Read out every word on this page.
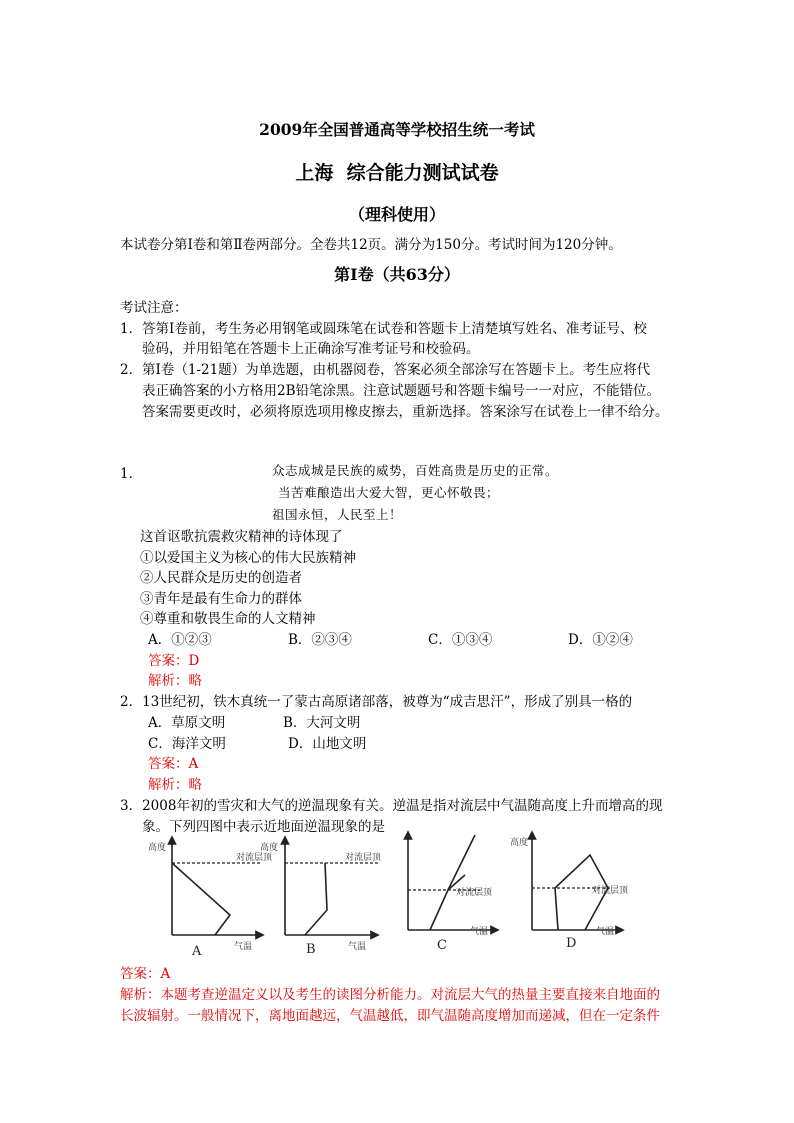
2009年全国普通高等学校招生统一考试
上海  综合能力测试试卷
（理科使用）
本试卷分第Ⅰ卷和第Ⅱ卷两部分。全卷共12页。满分为150分。考试时间为120分钟。
第Ⅰ卷（共63分）
考试注意：
1． 答第Ⅰ卷前，考生务必用钢笔或圆珠笔在试卷和答题卡上清楚填写姓名、准考证号、校
验码，并用铅笔在答题卡上正确涂写准考证号和校验码。
2． 第Ⅰ卷（1-21题）为单选题，由机器阅卷，答案必须全部涂写在答题卡上。考生应将代
表正确答案的小方格用2B铅笔涂黑。注意试题题号和答题卡编号一一对应，不能错位。
答案需要更改时，必须将原选项用橡皮擦去，重新选择。答案涂写在试卷上一律不给分。
1．	众志成城是民族的威势，百姓高贵是历史的正常。
当苦难酿造出大爱大智，更心怀敬畏；
祖国永恒，人民至上！
这首讴歌抗震救灾精神的诗体现了
①以爱国主义为核心的伟大民族精神
②人民群众是历史的创造者
③青年是最有生命力的群体
④尊重和敬畏生命的人文精神
A．①②③	B．②③④	C．①③④	D．①②④
答案：D
解析：略
2．13世纪初，铁木真统一了蒙古高原诸部落，被尊为“成吉思汗”，形成了别具一格的
A．草原文明	B．大河文明
C．海洋文明	D．山地文明
答案：A
解析：略
3．2008年初的雪灾和大气的逆温现象有关。逆温是指对流层中气温随高度上升而增高的现
象。下列四图中表示近地面逆温现象的是
高度
对流层顶
气温
A
高度
对流层顶
气温
B
对流层顶
气温
C
高度
对流层顶
气温
D
答案：A
解析：本题考查逆温定义以及考生的读图分析能力。对流层大气的热量主要直接来自地面的
长波辐射。一般情况下，离地面越远，气温越低，即气温随高度增加而递减，但在一定条件
